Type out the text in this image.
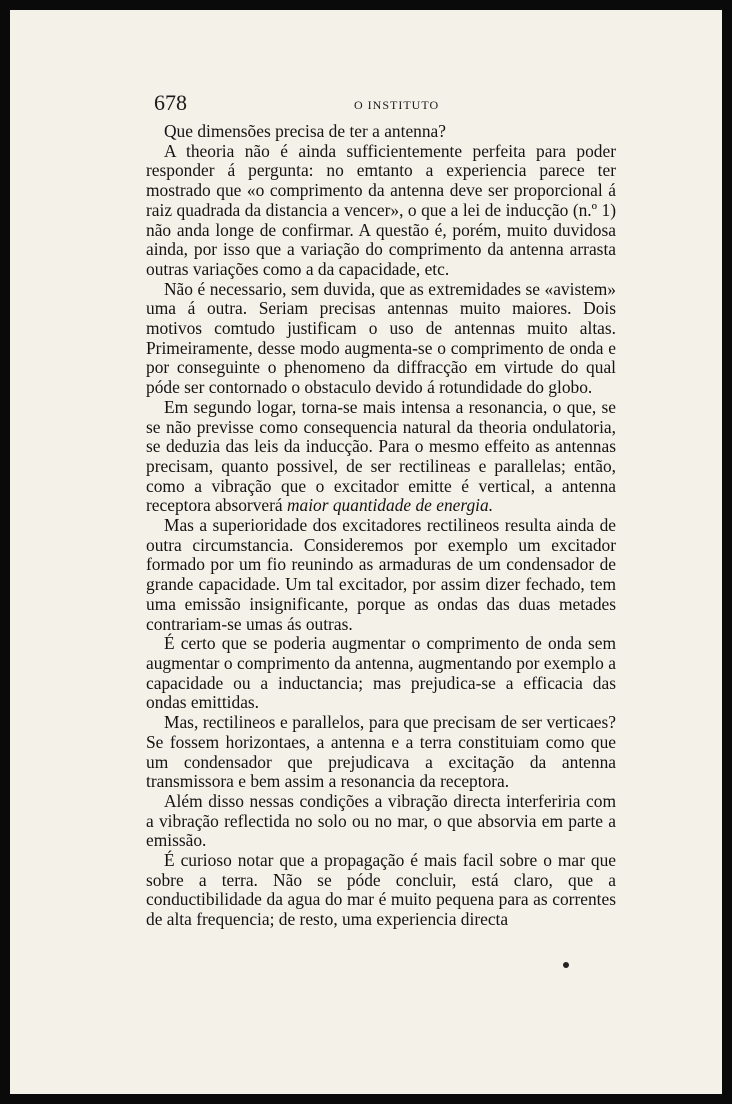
678	O INSTITUTO

Que dimensões precisa de ter a antenna?

A theoria não é ainda sufficientemente perfeita para poder responder á pergunta: no emtanto a experiencia parece ter mostrado que «o comprimento da antenna deve ser proporcional á raiz quadrada da distancia a vencer», o que a lei de inducção (n.º 1) não anda longe de confirmar. A questão é, porém, muito duvidosa ainda, por isso que a variação do comprimento da antenna arrasta outras variações como a da capacidade, etc.

Não é necessario, sem duvida, que as extremidades se «avistem» uma á outra. Seriam precisas antennas muito maiores. Dois motivos comtudo justificam o uso de antennas muito altas. Primeiramente, desse modo augmenta-se o comprimento de onda e por conseguinte o phenomeno da diffracção em virtude do qual póde ser contornado o obstaculo devido á rotundidade do globo.

Em segundo logar, torna-se mais intensa a resonancia, o que, se se não previsse como consequencia natural da theoria ondulatoria, se deduzia das leis da inducção. Para o mesmo effeito as antennas precisam, quanto possivel, de ser rectilineas e parallelas; então, como a vibração que o excitador emitte é vertical, a antenna receptora absorverá maior quantidade de energia.

Mas a superioridade dos excitadores rectilineos resulta ainda de outra circumstancia. Consideremos por exemplo um excitador formado por um fio reunindo as armaduras de um condensador de grande capacidade. Um tal excitador, por assim dizer fechado, tem uma emissão insignificante, porque as ondas das duas metades contrariam-se umas ás outras.

É certo que se poderia augmentar o comprimento de onda sem augmentar o comprimento da antenna, augmentando por exemplo a capacidade ou a inductancia; mas prejudica-se a efficacia das ondas emittidas.

Mas, rectilineos e parallelos, para que precisam de ser verticaes? Se fossem horizontaes, a antenna e a terra constituiam como que um condensador que prejudicava a excitação da antenna transmissora e bem assim a resonancia da receptora.

Além disso nessas condições a vibração directa interferiria com a vibração reflectida no solo ou no mar, o que absorvia em parte a emissão.

É curioso notar que a propagação é mais facil sobre o mar que sobre a terra. Não se póde concluir, está claro, que a conductibilidade da agua do mar é muito pequena para as correntes de alta frequencia; de resto, uma experiencia directa
